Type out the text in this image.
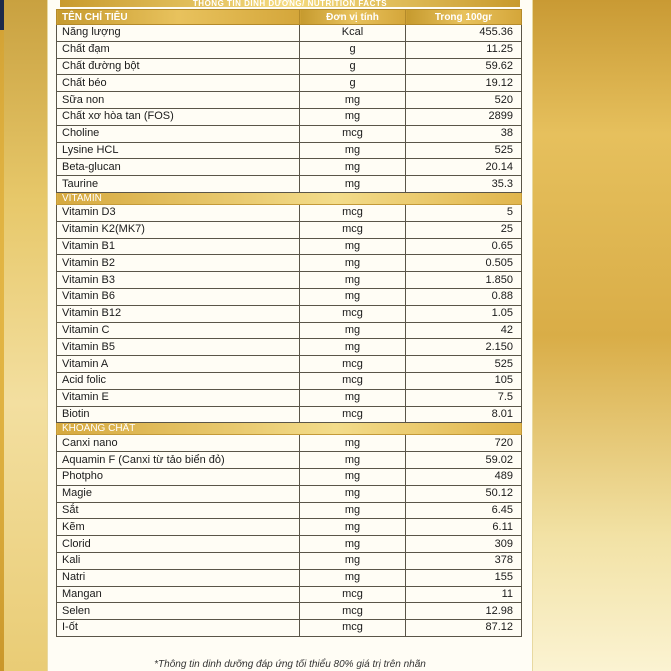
THÔNG TIN DINH DƯỠNG/ NUTRITION FACTS
TÊN CHỈ TIÊU	Đơn vị tính	Trong 100gr
Năng lượng	Kcal	455.36
Chất đạm	g	11.25
Chất đường bột	g	59.62
Chất béo	g	19.12
Sữa non	mg	520
Chất xơ hòa tan (FOS)	mg	2899
Choline	mcg	38
Lysine HCL	mg	525
Beta-glucan	mg	20.14
Taurine	mg	35.3
VITAMIN		
Vitamin D3	mcg	5
Vitamin K2(MK7)	mcg	25
Vitamin B1	mg	0.65
Vitamin B2	mg	0.505
Vitamin B3	mg	1.850
Vitamin B6	mg	0.88
Vitamin B12	mcg	1.05
Vitamin C	mg	42
Vitamin B5	mg	2.150
Vitamin A	mcg	525
Acid folic	mcg	105
Vitamin E	mg	7.5
Biotin	mcg	8.01
KHOÁNG CHẤT		
Canxi nano	mg	720
Aquamin F (Canxi từ tảo biển đỏ)	mg	59.02
Photpho	mg	489
Magie	mg	50.12
Sắt	mg	6.45
Kẽm	mg	6.11
Clorid	mg	309
Kali	mg	378
Natri	mg	155
Mangan	mcg	11
Selen	mcg	12.98
I-ốt	mcg	87.12
*Thông tin dinh dưỡng đáp ứng tối thiểu 80% giá trị trên nhãn
